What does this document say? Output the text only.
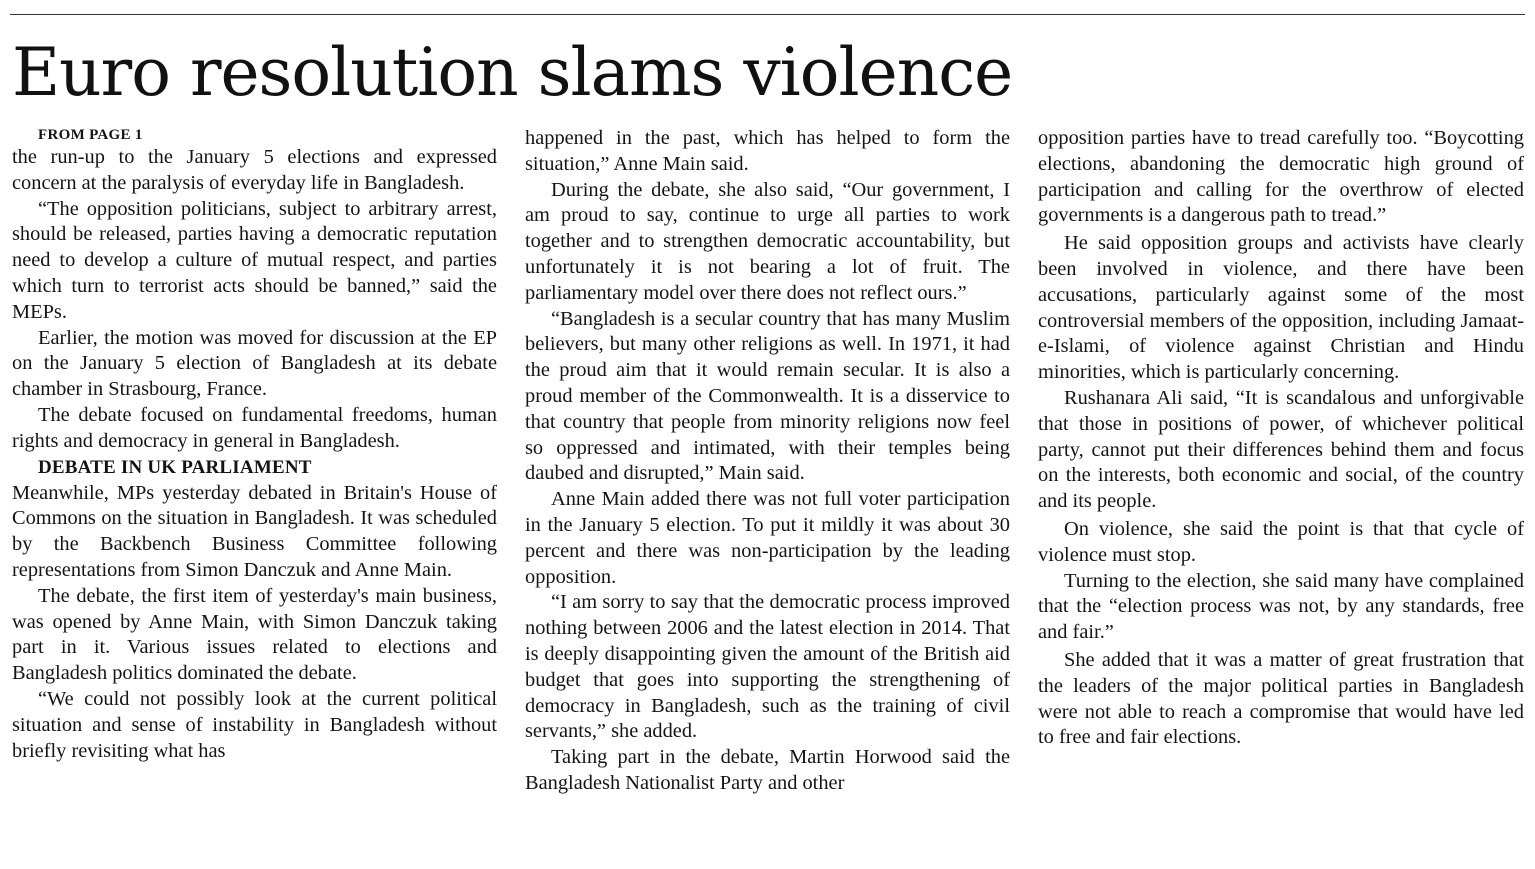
Euro resolution slams violence

FROM PAGE 1

the run-up to the January 5 elections and expressed concern at the paralysis of everyday life in Bangladesh.

“The opposition politicians, subject to arbitrary arrest, should be released, parties having a democratic reputation need to develop a culture of mutual respect, and parties which turn to terrorist acts should be banned,” said the MEPs.

Earlier, the motion was moved for discussion at the EP on the January 5 election of Bangladesh at its debate chamber in Strasbourg, France.

The debate focused on fundamental freedoms, human rights and democracy in general in Bangladesh.

DEBATE IN UK PARLIAMENT

Meanwhile, MPs yesterday debated in Britain's House of Commons on the situation in Bangladesh. It was scheduled by the Backbench Business Committee following representations from Simon Danczuk and Anne Main.

The debate, the first item of yesterday's main business, was opened by Anne Main, with Simon Danczuk taking part in it. Various issues related to elections and Bangladesh politics dominated the debate.

“We could not possibly look at the current political situation and sense of instability in Bangladesh without briefly revisiting what has

happened in the past, which has helped to form the situation,” Anne Main said.

During the debate, she also said, “Our government, I am proud to say, continue to urge all parties to work together and to strengthen democratic accountability, but unfortunately it is not bearing a lot of fruit. The parliamentary model over there does not reflect ours.”

“Bangladesh is a secular country that has many Muslim believers, but many other religions as well. In 1971, it had the proud aim that it would remain secular. It is also a proud member of the Commonwealth. It is a disservice to that country that people from minority religions now feel so oppressed and intimated, with their temples being daubed and disrupted,” Main said.

Anne Main added there was not full voter participation in the January 5 election. To put it mildly it was about 30 percent and there was non-participation by the leading opposition.

“I am sorry to say that the democratic process improved nothing between 2006 and the latest election in 2014. That is deeply disappointing given the amount of the British aid budget that goes into supporting the strengthening of democracy in Bangladesh, such as the training of civil servants,” she added.

Taking part in the debate, Martin Horwood said the Bangladesh Nationalist Party and other

opposition parties have to tread carefully too. “Boycotting elections, abandoning the democratic high ground of participation and calling for the overthrow of elected governments is a dangerous path to tread.”

He said opposition groups and activists have clearly been involved in violence, and there have been accusations, particularly against some of the most controversial members of the opposition, including Jamaat-e-Islami, of violence against Christian and Hindu minorities, which is particularly concerning.

Rushanara Ali said, “It is scandalous and unforgivable that those in positions of power, of whichever political party, cannot put their differences behind them and focus on the interests, both economic and social, of the country and its people.

On violence, she said the point is that that cycle of violence must stop.

Turning to the election, she said many have complained that the “election process was not, by any standards, free and fair.”

She added that it was a matter of great frustration that the leaders of the major political parties in Bangladesh were not able to reach a compromise that would have led to free and fair elections.
